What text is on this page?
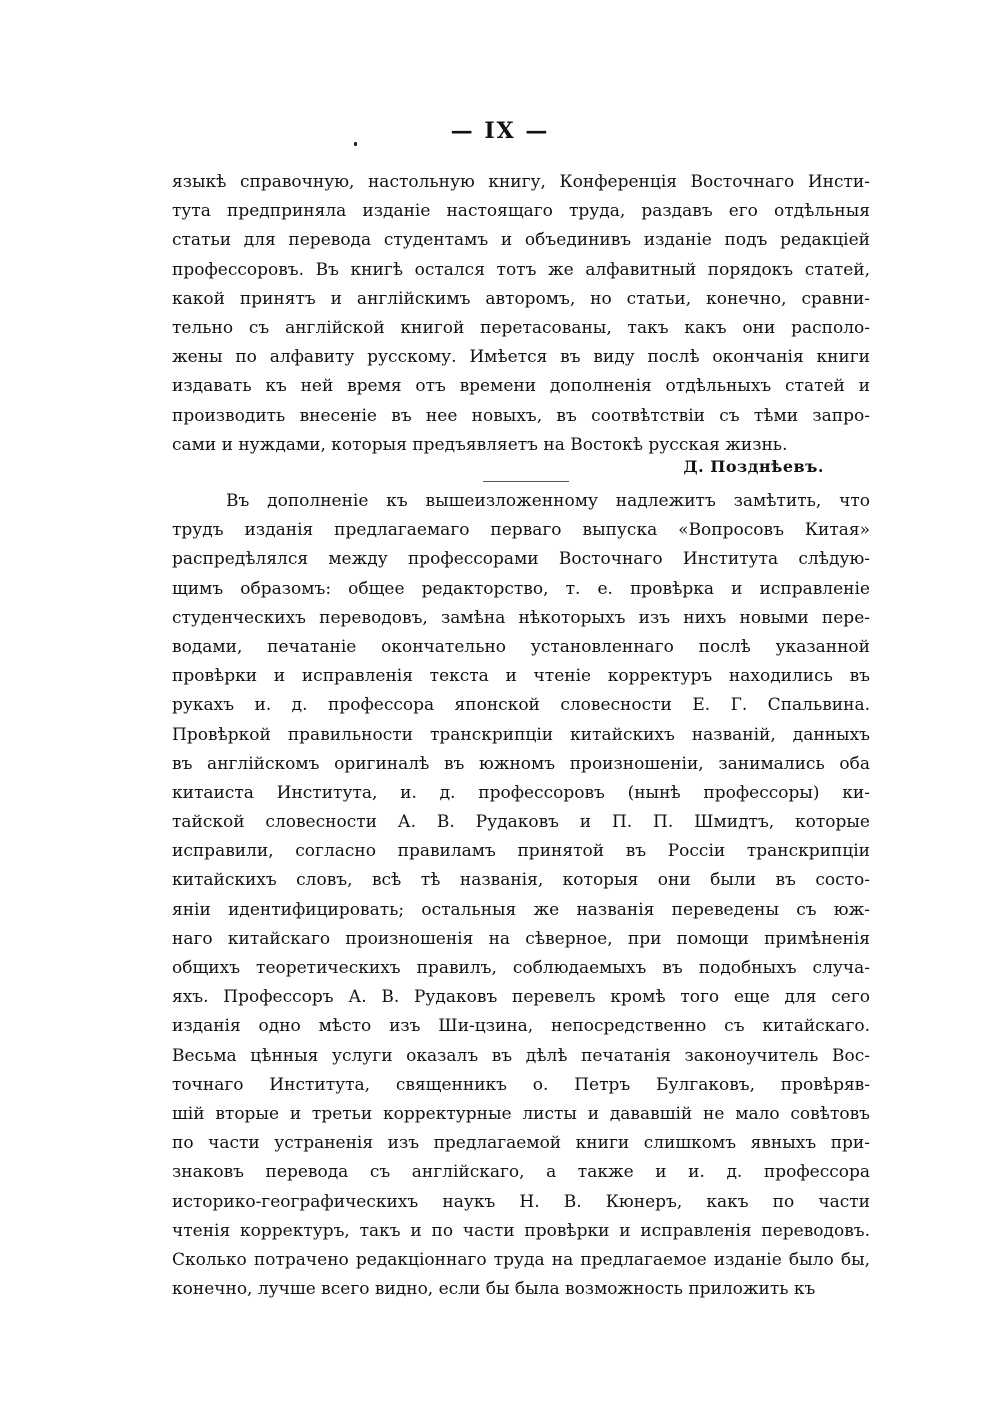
— IX —
языкѣ справочную, настольную книгу, Конференція Восточнаго Инсти-
тута предприняла изданіе настоящаго труда, раздавъ его отдѣльныя
статьи для перевода студентамъ и объединивъ изданіе подъ редакціей
профессоровъ. Въ книгѣ остался тотъ же алфавитный порядокъ статей,
какой принятъ и англійскимъ авторомъ, но статьи, конечно, сравни-
тельно съ англійской книгой перетасованы, такъ какъ они располо-
жены по алфавиту русскому. Имѣется въ виду послѣ окончанія книги
издавать къ ней время отъ времени дополненія отдѣльныхъ статей и
производить внесеніе въ нее новыхъ, въ соотвѣтствіи съ тѣми запро-
сами и нуждами, которыя предъявляетъ на Востокѣ русская жизнь.
Д. Позднѣевъ.
Въ дополненіе къ вышеизложенному надлежитъ замѣтить, что
трудъ изданія предлагаемаго перваго выпуска «Вопросовъ Китая»
распредѣлялся между профессорами Восточнаго Института слѣдую-
щимъ образомъ: общее редакторство, т. е. провѣрка и исправленіе
студенческихъ переводовъ, замѣна нѣкоторыхъ изъ нихъ новыми пере-
водами, печатаніе окончательно установленнаго послѣ указанной
провѣрки и исправленія текста и чтеніе корректуръ находились въ
рукахъ и. д. профессора японской словесности Е. Г. Спальвина.
Провѣркой правильности транскрипціи китайскихъ названій, данныхъ
въ англійскомъ оригиналѣ въ южномъ произношеніи, занимались оба
китаиста Института, и. д. профессоровъ (нынѣ профессоры) ки-
тайской словесности А. В. Рудаковъ и П. П. Шмидтъ, которые
исправили, согласно правиламъ принятой въ Россіи транскрипціи
китайскихъ словъ, всѣ тѣ названія, которыя они были въ состо-
яніи идентифицировать; остальныя же названія переведены съ юж-
наго китайскаго произношенія на сѣверное, при помощи примѣненія
общихъ теоретическихъ правилъ, соблюдаемыхъ въ подобныхъ случа-
яхъ. Профессоръ А. В. Рудаковъ перевелъ кромѣ того еще для сего
изданія одно мѣсто изъ Ши-цзина, непосредственно съ китайскаго.
Весьма цѣнныя услуги оказалъ въ дѣлѣ печатанія законоучитель Вос-
точнаго Института, священникъ о. Петръ Булгаковъ, провѣряв-
шій вторые и третьи корректурные листы и дававшій не мало совѣтовъ
по части устраненія изъ предлагаемой книги слишкомъ явныхъ при-
знаковъ перевода съ англійскаго, а также и и. д. профессора
историко-географическихъ наукъ Н. В. Кюнеръ, какъ по части
чтенія корректуръ, такъ и по части провѣрки и исправленія переводовъ.
Сколько потрачено редакціоннаго труда на предлагаемое изданіе было бы,
конечно, лучше всего видно, если бы была возможность приложить къ
